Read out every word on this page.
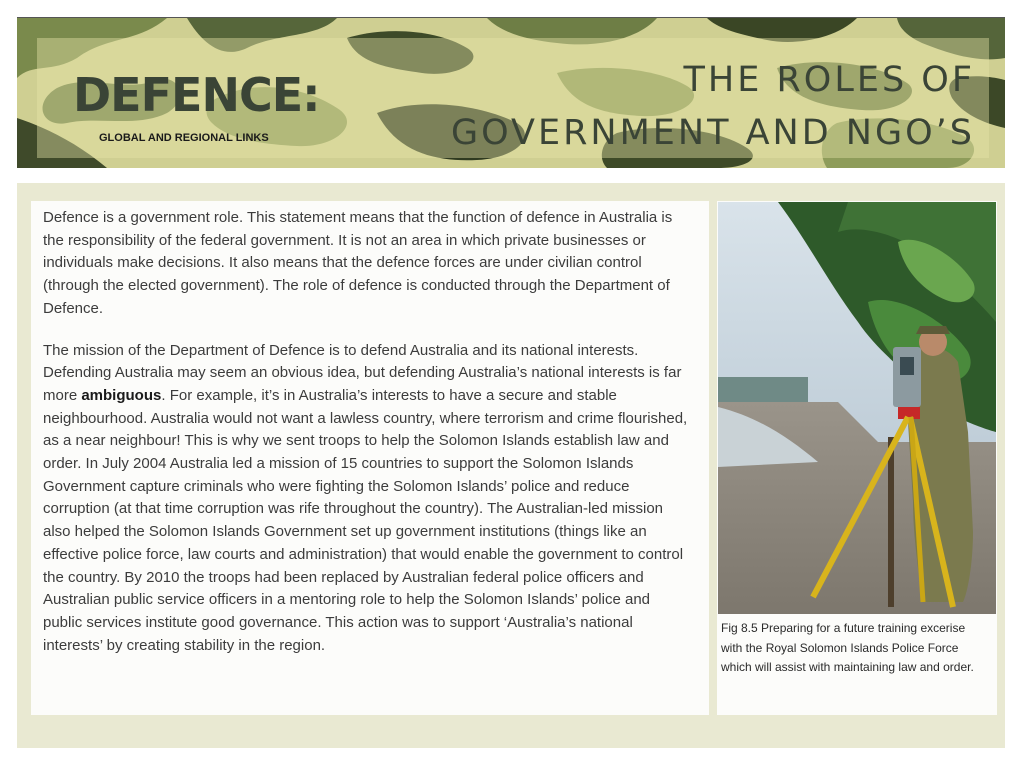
DEFENCE:
GLOBAL AND REGIONAL LINKS
THE ROLES OF
GOVERNMENT AND NGO’S

Defence is a government role. This statement means that the function of defence in Australia is the responsibility of the federal government. It is not an area in which private businesses or individuals make decisions. It also means that the defence forces are under civilian control (through the elected government). The role of defence is conducted through the Department of Defence.

The mission of the Department of Defence is to defend Australia and its national interests. Defending Australia may seem an obvious idea, but defending Australia’s national interests is far more ambiguous. For example, it’s in Australia’s interests to have a secure and stable neighbourhood. Australia would not want a lawless country, where terrorism and crime flourished, as a near neighbour! This is why we sent troops to help the Solomon Islands establish law and order. In July 2004 Australia led a mission of 15 countries to support the Solomon Islands Government capture criminals who were fighting the Solomon Islands’ police and reduce corruption (at that time corruption was rife throughout the country). The Australian-led mission also helped the Solomon Islands Government set up government institutions (things like an effective police force, law courts and administration) that would enable the government to control the country. By 2010 the troops had been replaced by Australian federal police officers and Australian public service officers in a mentoring role to help the Solomon Islands’ police and public services institute good governance. This action was to support ‘Australia’s national interests’ by creating stability in the region.

Fig 8.5 Preparing for a future training excerise with the Royal Solomon Islands Police Force which will assist with maintaining law and order.
